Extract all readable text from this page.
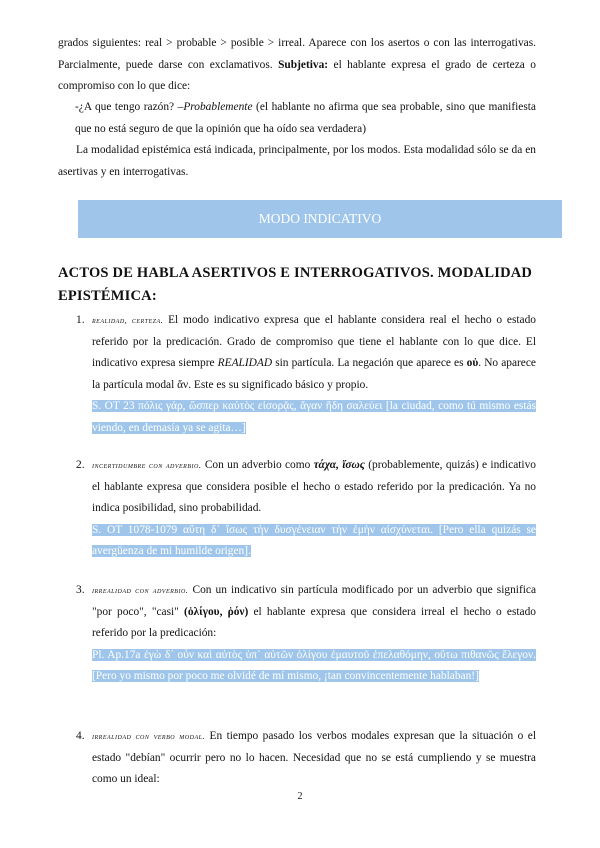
grados siguientes: real > probable > posible > irreal. Aparece con los asertos o con las interrogativas. Parcialmente, puede darse con exclamativos. Subjetiva: el hablante expresa el grado de certeza o compromiso con lo que dice:
-¿A que tengo razón? –Probablemente (el hablante no afirma que sea probable, sino que manifiesta que no está seguro de que la opinión que ha oído sea verdadera)
La modalidad epistémica está indicada, principalmente, por los modos. Esta modalidad sólo se da en asertivas y en interrogativas.
MODO INDICATIVO
ACTOS DE HABLA ASERTIVOS E INTERROGATIVOS. MODALIDAD EPISTÉMICA:
1. realidad, certeza. El modo indicativo expresa que el hablante considera real el hecho o estado referido por la predicación. Grado de compromiso que tiene el hablante con lo que dice. El indicativo expresa siempre REALIDAD sin partícula. La negación que aparece es οὐ. No aparece la partícula modal ἄν. Este es su significado básico y propio.
S. OT 23 πόλις γάρ, ὥσπερ καὐτὸς εἰσορᾷς, ἄγαν ἤδη σαλεύει [la ciudad, como tú mismo estás viendo, en demasía ya se agita…]
2. incertidumbre con adverbio. Con un adverbio como τάχα, ἴσως (probablemente, quizás) e indicativo el hablante expresa que considera posible el hecho o estado referido por la predicación. Ya no indica posibilidad, sino probabilidad.
S. OT 1078-1079 αὕτη δ᾽ ἴσως τὴν δυσγένειαν τὴν ἐμὴν αἰσχύνεται. [Pero ella quizás se avergüenza de mi humilde origen].
3. irrealidad con adverbio. Con un indicativo sin partícula modificado por un adverbio que significa "por poco", "casi" (ὀλίγου, ῥόν) el hablante expresa que considera irreal el hecho o estado referido por la predicación:
Pl. Ap.17a ἐγὼ δ᾽ οὖν καὶ αὐτὸς ὑπ᾽ αὐτῶν ὀλίγου ἐμαυτοῦ ἐπελαθόμην, οὕτω πιθανῶς ἔλεγον. [Pero yo mismo por poco me olvidé de mí mismo, ¡tan convincentemente hablaban!]
4. irrealidad con verbo modal. En tiempo pasado los verbos modales expresan que la situación o el estado "debían" ocurrir pero no lo hacen. Necesidad que no se está cumpliendo y se muestra como un ideal:
2
